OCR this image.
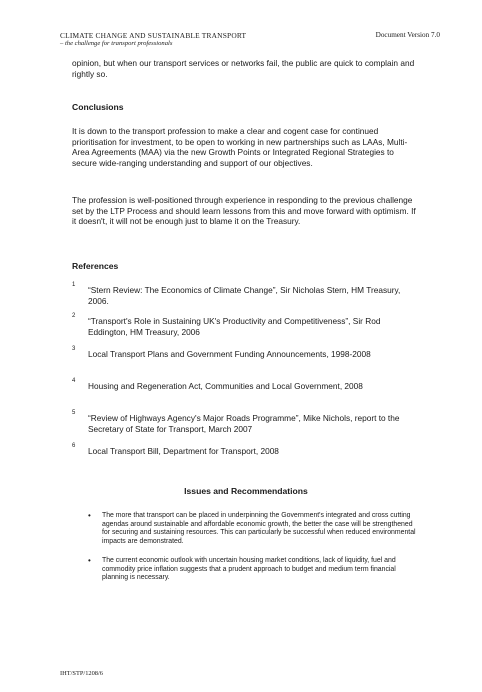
CLIMATE CHANGE AND SUSTAINABLE TRANSPORT
– the challenge for transport professionals
Document Version 7.0
opinion, but when our transport services or networks fail, the public are quick to complain and rightly so.
Conclusions
It is down to the transport profession to make a clear and cogent case for continued prioritisation for investment, to be open to working in new partnerships such as LAAs, Multi-Area Agreements (MAA) via the new Growth Points or Integrated Regional Strategies to secure wide-ranging understanding and support of our objectives.
The profession is well-positioned through experience in responding to the previous challenge set by the LTP Process and should learn lessons from this and move forward with optimism. If it doesn't, it will not be enough just to blame it on the Treasury.
References
1 “Stern Review: The Economics of Climate Change”, Sir Nicholas Stern, HM Treasury, 2006.
2 “Transport's Role in Sustaining UK's Productivity and Competitiveness”, Sir Rod Eddington, HM Treasury, 2006
3 Local Transport Plans and Government Funding Announcements, 1998-2008
4 Housing and Regeneration Act, Communities and Local Government, 2008
5 “Review of Highways Agency's Major Roads Programme”, Mike Nichols, report to the Secretary of State for Transport, March 2007
6 Local Transport Bill, Department for Transport, 2008
Issues and Recommendations
• The more that transport can be placed in underpinning the Government's integrated and cross cutting agendas around sustainable and affordable economic growth, the better the case will be strengthened for securing and sustaining resources. This can particularly be successful when reduced environmental impacts are demonstrated.
• The current economic outlook with uncertain housing market conditions, lack of liquidity, fuel and commodity price inflation suggests that a prudent approach to budget and medium term financial planning is necessary.
IHT/STP/1208/6
